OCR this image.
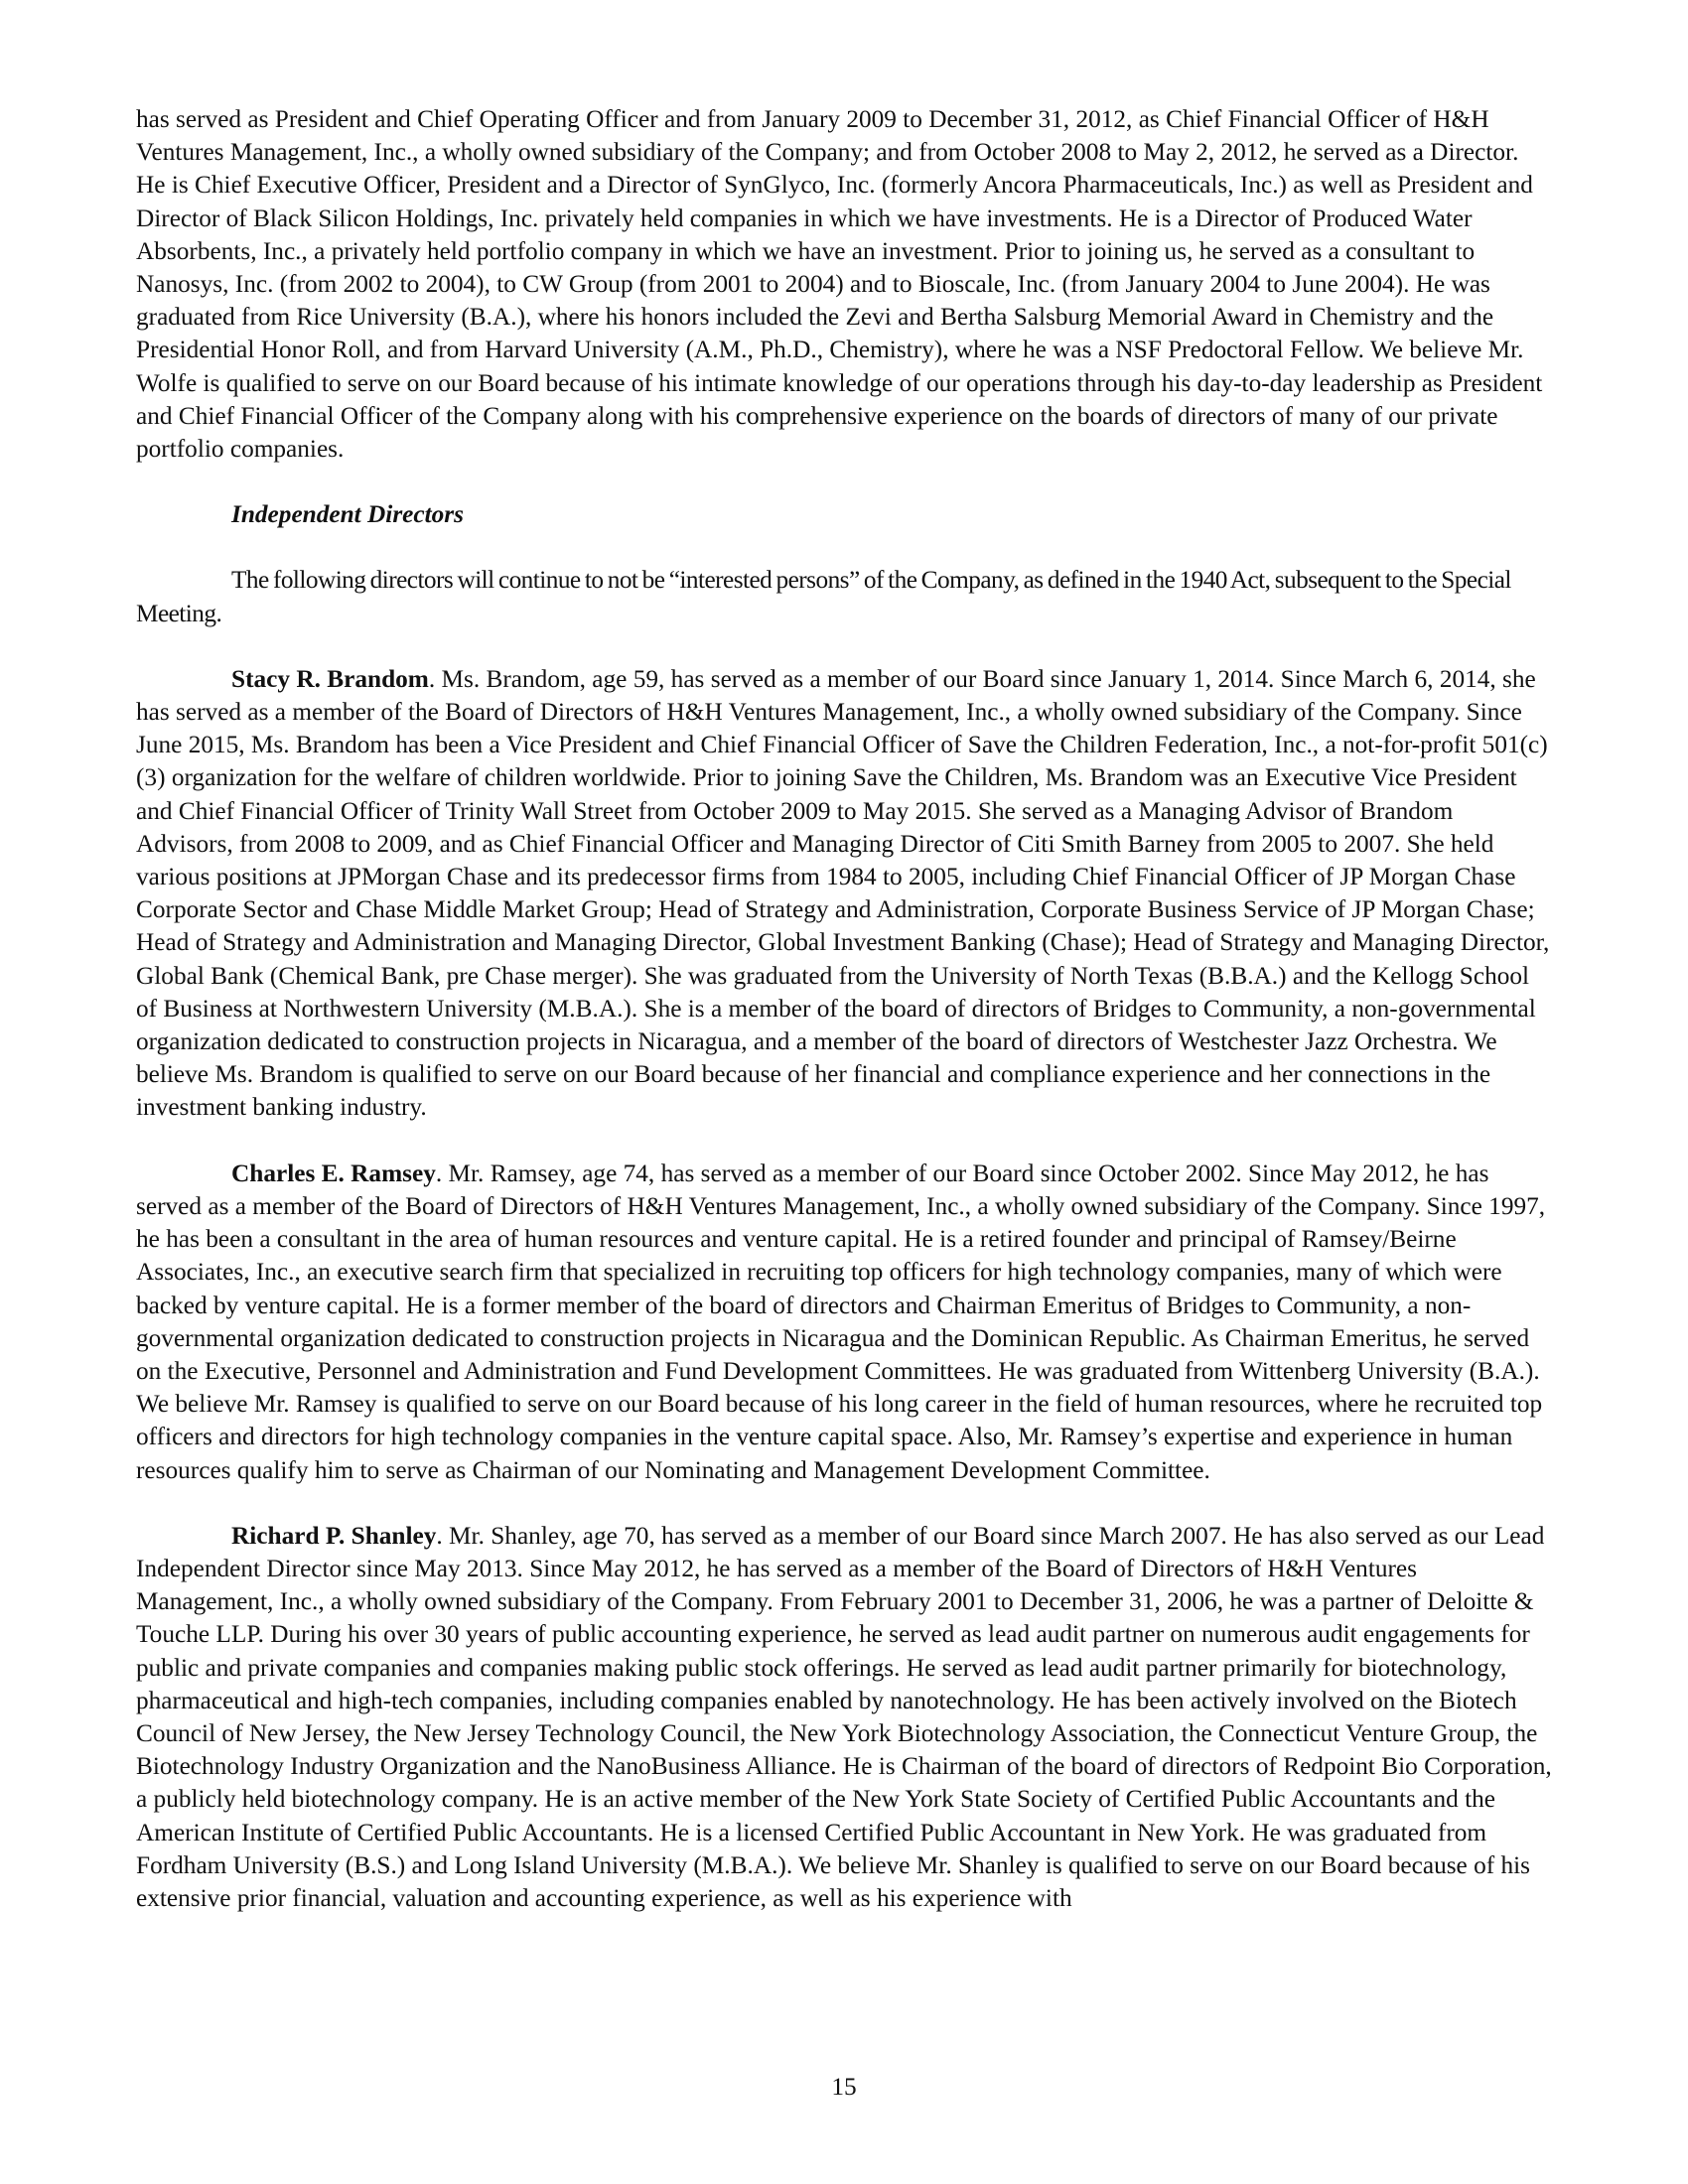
has served as President and Chief Operating Officer and from January 2009 to December 31, 2012, as Chief Financial Officer of H&H Ventures Management, Inc., a wholly owned subsidiary of the Company; and from October 2008 to May 2, 2012, he served as a Director. He is Chief Executive Officer, President and a Director of SynGlyco, Inc. (formerly Ancora Pharmaceuticals, Inc.) as well as President and Director of Black Silicon Holdings, Inc. privately held companies in which we have investments. He is a Director of Produced Water Absorbents, Inc., a privately held portfolio company in which we have an investment. Prior to joining us, he served as a consultant to Nanosys, Inc. (from 2002 to 2004), to CW Group (from 2001 to 2004) and to Bioscale, Inc. (from January 2004 to June 2004). He was graduated from Rice University (B.A.), where his honors included the Zevi and Bertha Salsburg Memorial Award in Chemistry and the Presidential Honor Roll, and from Harvard University (A.M., Ph.D., Chemistry), where he was a NSF Predoctoral Fellow. We believe Mr. Wolfe is qualified to serve on our Board because of his intimate knowledge of our operations through his day-to-day leadership as President and Chief Financial Officer of the Company along with his comprehensive experience on the boards of directors of many of our private portfolio companies.

Independent Directors

The following directors will continue to not be “interested persons” of the Company, as defined in the 1940 Act, subsequent to the Special Meeting.

Stacy R. Brandom. Ms. Brandom, age 59, has served as a member of our Board since January 1, 2014. Since March 6, 2014, she has served as a member of the Board of Directors of H&H Ventures Management, Inc., a wholly owned subsidiary of the Company. Since June 2015, Ms. Brandom has been a Vice President and Chief Financial Officer of Save the Children Federation, Inc., a not-for-profit 501(c)(3) organization for the welfare of children worldwide. Prior to joining Save the Children, Ms. Brandom was an Executive Vice President and Chief Financial Officer of Trinity Wall Street from October 2009 to May 2015. She served as a Managing Advisor of Brandom Advisors, from 2008 to 2009, and as Chief Financial Officer and Managing Director of Citi Smith Barney from 2005 to 2007. She held various positions at JPMorgan Chase and its predecessor firms from 1984 to 2005, including Chief Financial Officer of JP Morgan Chase Corporate Sector and Chase Middle Market Group; Head of Strategy and Administration, Corporate Business Service of JP Morgan Chase; Head of Strategy and Administration and Managing Director, Global Investment Banking (Chase); Head of Strategy and Managing Director, Global Bank (Chemical Bank, pre Chase merger). She was graduated from the University of North Texas (B.B.A.) and the Kellogg School of Business at Northwestern University (M.B.A.). She is a member of the board of directors of Bridges to Community, a non-governmental organization dedicated to construction projects in Nicaragua, and a member of the board of directors of Westchester Jazz Orchestra. We believe Ms. Brandom is qualified to serve on our Board because of her financial and compliance experience and her connections in the investment banking industry.

Charles E. Ramsey. Mr. Ramsey, age 74, has served as a member of our Board since October 2002. Since May 2012, he has served as a member of the Board of Directors of H&H Ventures Management, Inc., a wholly owned subsidiary of the Company. Since 1997, he has been a consultant in the area of human resources and venture capital. He is a retired founder and principal of Ramsey/Beirne Associates, Inc., an executive search firm that specialized in recruiting top officers for high technology companies, many of which were backed by venture capital. He is a former member of the board of directors and Chairman Emeritus of Bridges to Community, a non-governmental organization dedicated to construction projects in Nicaragua and the Dominican Republic. As Chairman Emeritus, he served on the Executive, Personnel and Administration and Fund Development Committees. He was graduated from Wittenberg University (B.A.). We believe Mr. Ramsey is qualified to serve on our Board because of his long career in the field of human resources, where he recruited top officers and directors for high technology companies in the venture capital space. Also, Mr. Ramsey’s expertise and experience in human resources qualify him to serve as Chairman of our Nominating and Management Development Committee.

Richard P. Shanley. Mr. Shanley, age 70, has served as a member of our Board since March 2007. He has also served as our Lead Independent Director since May 2013. Since May 2012, he has served as a member of the Board of Directors of H&H Ventures Management, Inc., a wholly owned subsidiary of the Company. From February 2001 to December 31, 2006, he was a partner of Deloitte & Touche LLP. During his over 30 years of public accounting experience, he served as lead audit partner on numerous audit engagements for public and private companies and companies making public stock offerings. He served as lead audit partner primarily for biotechnology, pharmaceutical and high-tech companies, including companies enabled by nanotechnology. He has been actively involved on the Biotech Council of New Jersey, the New Jersey Technology Council, the New York Biotechnology Association, the Connecticut Venture Group, the Biotechnology Industry Organization and the NanoBusiness Alliance. He is Chairman of the board of directors of Redpoint Bio Corporation, a publicly held biotechnology company. He is an active member of the New York State Society of Certified Public Accountants and the American Institute of Certified Public Accountants. He is a licensed Certified Public Accountant in New York. He was graduated from Fordham University (B.S.) and Long Island University (M.B.A.). We believe Mr. Shanley is qualified to serve on our Board because of his extensive prior financial, valuation and accounting experience, as well as his experience with

15
